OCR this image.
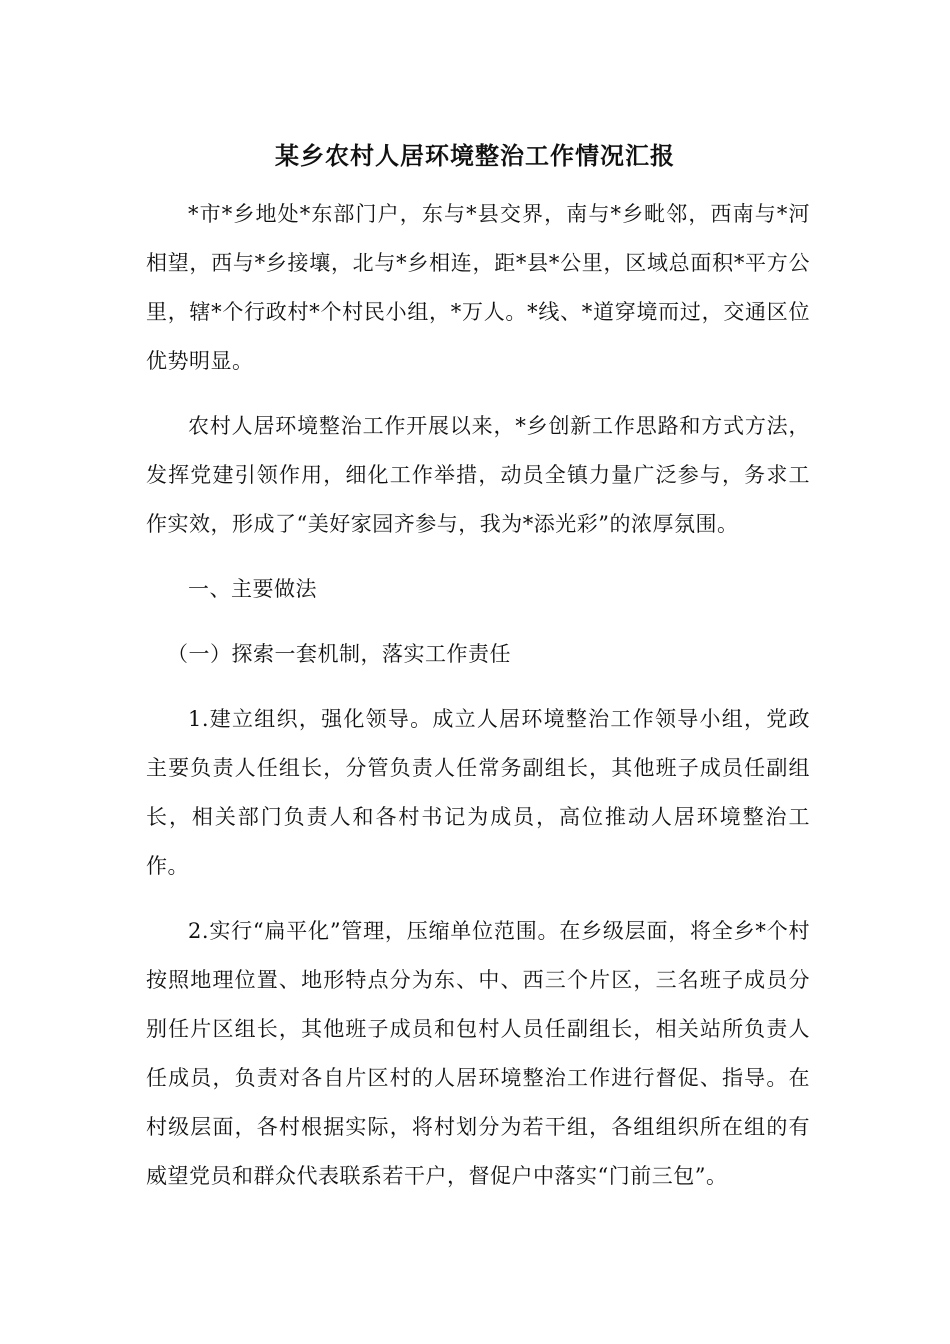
某乡农村人居环境整治工作情况汇报

*市*乡地处*东部门户，东与*县交界，南与*乡毗邻，西南与*河相望，西与*乡接壤，北与*乡相连，距*县*公里，区域总面积*平方公里，辖*个行政村*个村民小组，*万人。*线、*道穿境而过，交通区位优势明显。

农村人居环境整治工作开展以来，*乡创新工作思路和方式方法，发挥党建引领作用，细化工作举措，动员全镇力量广泛参与，务求工作实效，形成了“美好家园齐参与，我为*添光彩”的浓厚氛围。

一、主要做法

（一）探索一套机制，落实工作责任

1.建立组织，强化领导。成立人居环境整治工作领导小组，党政主要负责人任组长，分管负责人任常务副组长，其他班子成员任副组长，相关部门负责人和各村书记为成员，高位推动人居环境整治工作。

2.实行“扁平化”管理，压缩单位范围。在乡级层面，将全乡*个村按照地理位置、地形特点分为东、中、西三个片区，三名班子成员分别任片区组长，其他班子成员和包村人员任副组长，相关站所负责人任成员，负责对各自片区村的人居环境整治工作进行督促、指导。在村级层面，各村根据实际，将村划分为若干组，各组组织所在组的有威望党员和群众代表联系若干户，督促户中落实“门前三包”。
